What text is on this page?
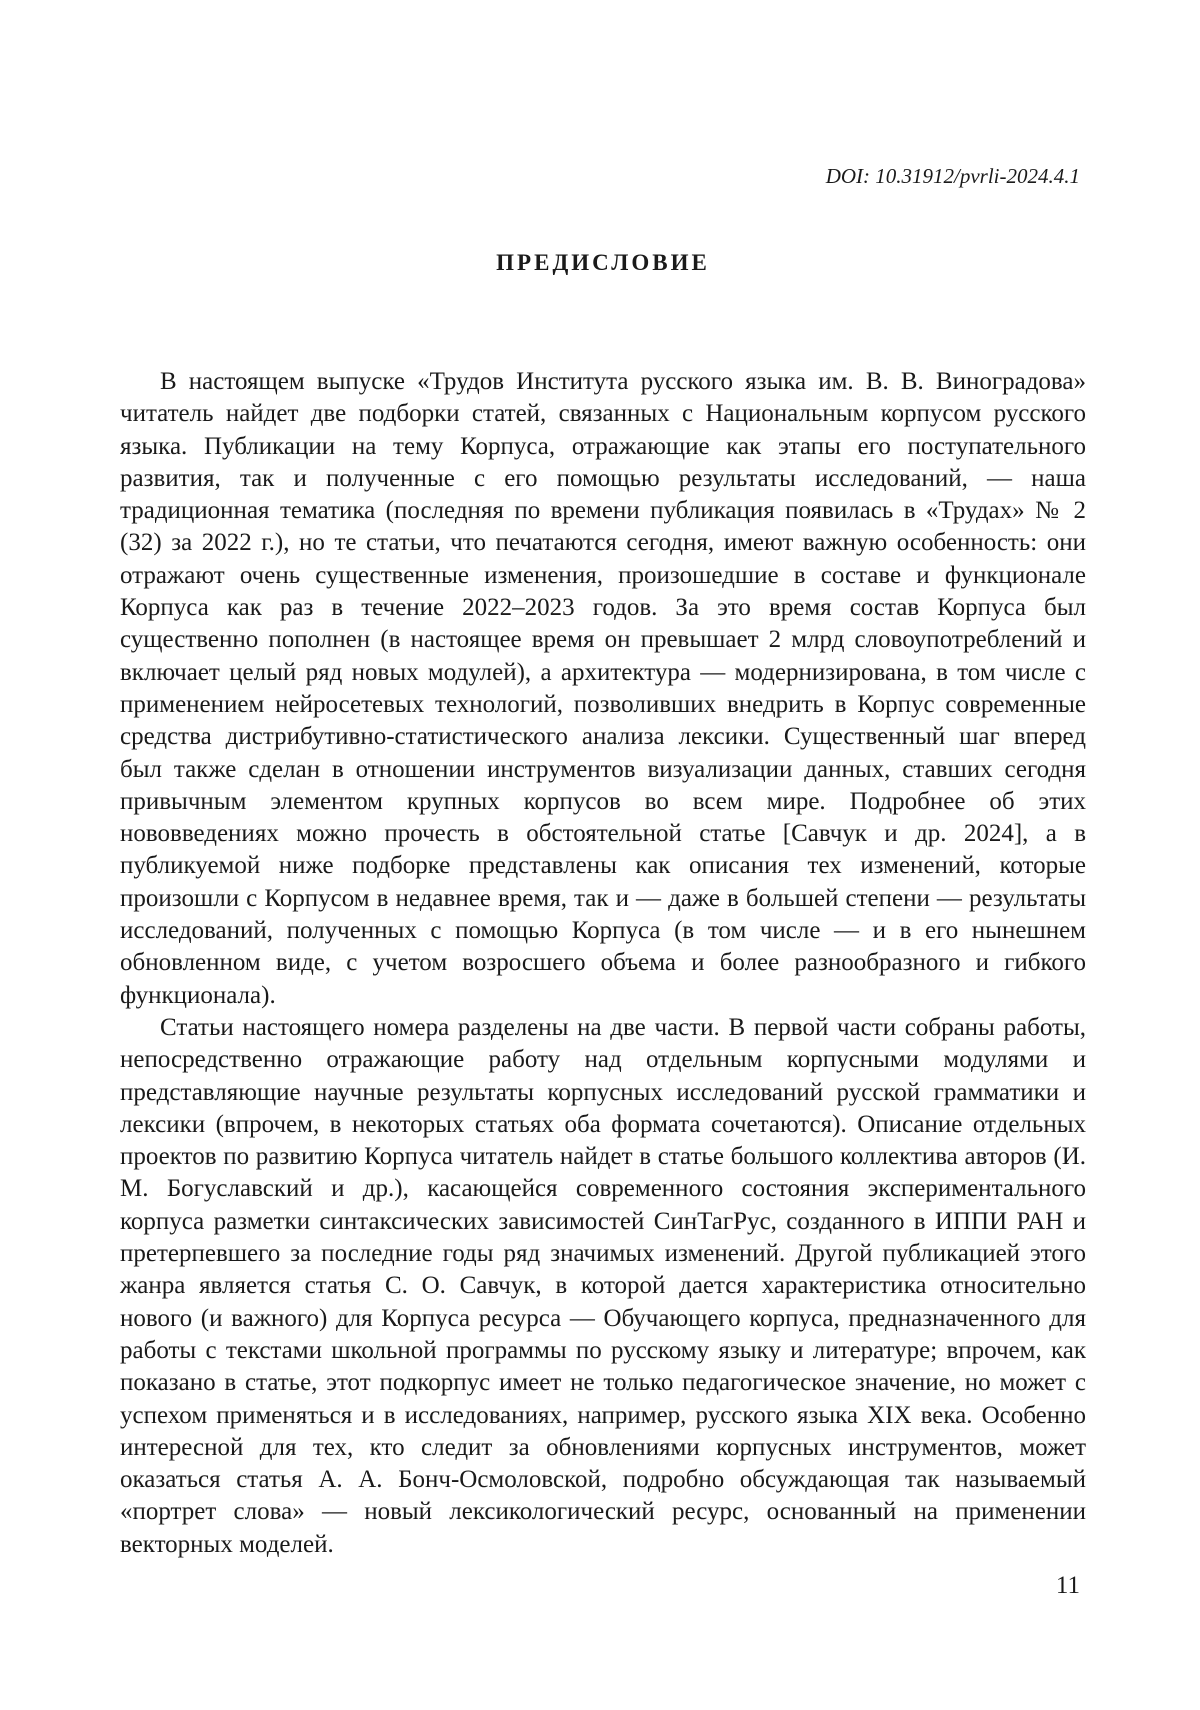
DOI: 10.31912/pvrli-2024.4.1
ПРЕДИСЛОВИЕ

В настоящем выпуске «Трудов Института русского языка им. В. В. Виноградова» читатель найдет две подборки статей, связанных с Национальным корпусом русского языка. Публикации на тему Корпуса, отражающие как этапы его поступательного развития, так и полученные с его помощью результаты исследований, — наша традиционная тематика (последняя по времени публикация появилась в «Трудах» № 2 (32) за 2022 г.), но те статьи, что печатаются сегодня, имеют важную особенность: они отражают очень существенные изменения, произошедшие в составе и функционале Корпуса как раз в течение 2022–2023 годов. За это время состав Корпуса был существенно пополнен (в настоящее время он превышает 2 млрд словоупотреблений и включает целый ряд новых модулей), а архитектура — модернизирована, в том числе с применением нейросетевых технологий, позволивших внедрить в Корпус современные средства дистрибутивно-статистического анализа лексики. Существенный шаг вперед был также сделан в отношении инструментов визуализации данных, ставших сегодня привычным элементом крупных корпусов во всем мире. Подробнее об этих нововведениях можно прочесть в обстоятельной статье [Савчук и др. 2024], а в публикуемой ниже подборке представлены как описания тех изменений, которые произошли с Корпусом в недавнее время, так и — даже в большей степени — результаты исследований, полученных с помощью Корпуса (в том числе — и в его нынешнем обновленном виде, с учетом возросшего объема и более разнообразного и гибкого функционала).

Статьи настоящего номера разделены на две части. В первой части собраны работы, непосредственно отражающие работу над отдельным корпусными модулями и представляющие научные результаты корпусных исследований русской грамматики и лексики (впрочем, в некоторых статьях оба формата сочетаются). Описание отдельных проектов по развитию Корпуса читатель найдет в статье большого коллектива авторов (И. М. Богуславский и др.), касающейся современного состояния экспериментального корпуса разметки синтаксических зависимостей СинТагРус, созданного в ИППИ РАН и претерпевшего за последние годы ряд значимых изменений. Другой публикацией этого жанра является статья С. О. Савчук, в которой дается характеристика относительно нового (и важного) для Корпуса ресурса — Обучающего корпуса, предназначенного для работы с текстами школьной программы по русскому языку и литературе; впрочем, как показано в статье, этот подкорпус имеет не только педагогическое значение, но может с успехом применяться и в исследованиях, например, русского языка XIX века. Особенно интересной для тех, кто следит за обновлениями корпусных инструментов, может оказаться статья А. А. Бонч-Осмоловской, подробно обсуждающая так называемый «портрет слова» — новый лексикологический ресурс, основанный на применении векторных моделей.

11
